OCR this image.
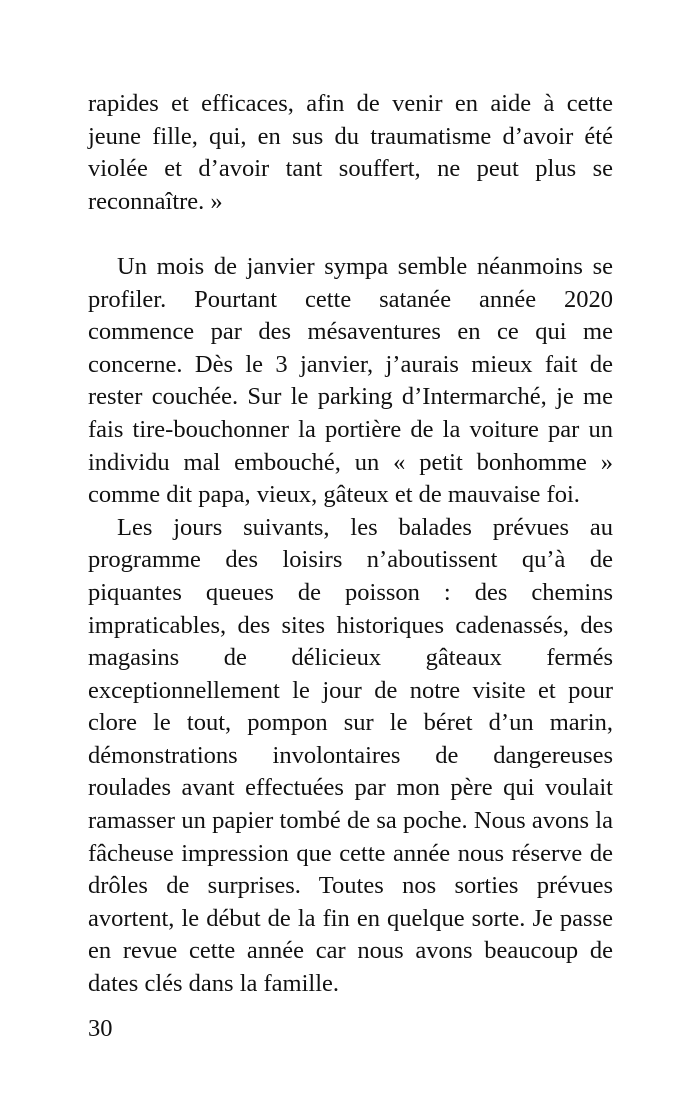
rapides et efficaces, afin de venir en aide à cette jeune fille, qui, en sus du traumatisme d’avoir été violée et d’avoir tant souffert, ne peut plus se reconnaître. »

Un mois de janvier sympa semble néanmoins se profiler. Pourtant cette satanée année 2020 commence par des mésaventures en ce qui me concerne. Dès le 3 janvier, j’aurais mieux fait de rester couchée. Sur le parking d’Intermarché, je me fais tire-bouchonner la portière de la voiture par un individu mal embouché, un « petit bonhomme » comme dit papa, vieux, gâteux et de mauvaise foi.

Les jours suivants, les balades prévues au programme des loisirs n’aboutissent qu’à de piquantes queues de poisson : des chemins impraticables, des sites historiques cadenassés, des magasins de délicieux gâteaux fermés exceptionnellement le jour de notre visite et pour clore le tout, pompon sur le béret d’un marin, démonstrations involontaires de dangereuses roulades avant effectuées par mon père qui voulait ramasser un papier tombé de sa poche. Nous avons la fâcheuse impression que cette année nous réserve de drôles de surprises. Toutes nos sorties prévues avortent, le début de la fin en quelque sorte. Je passe en revue cette année car nous avons beaucoup de dates clés dans la famille.

30
